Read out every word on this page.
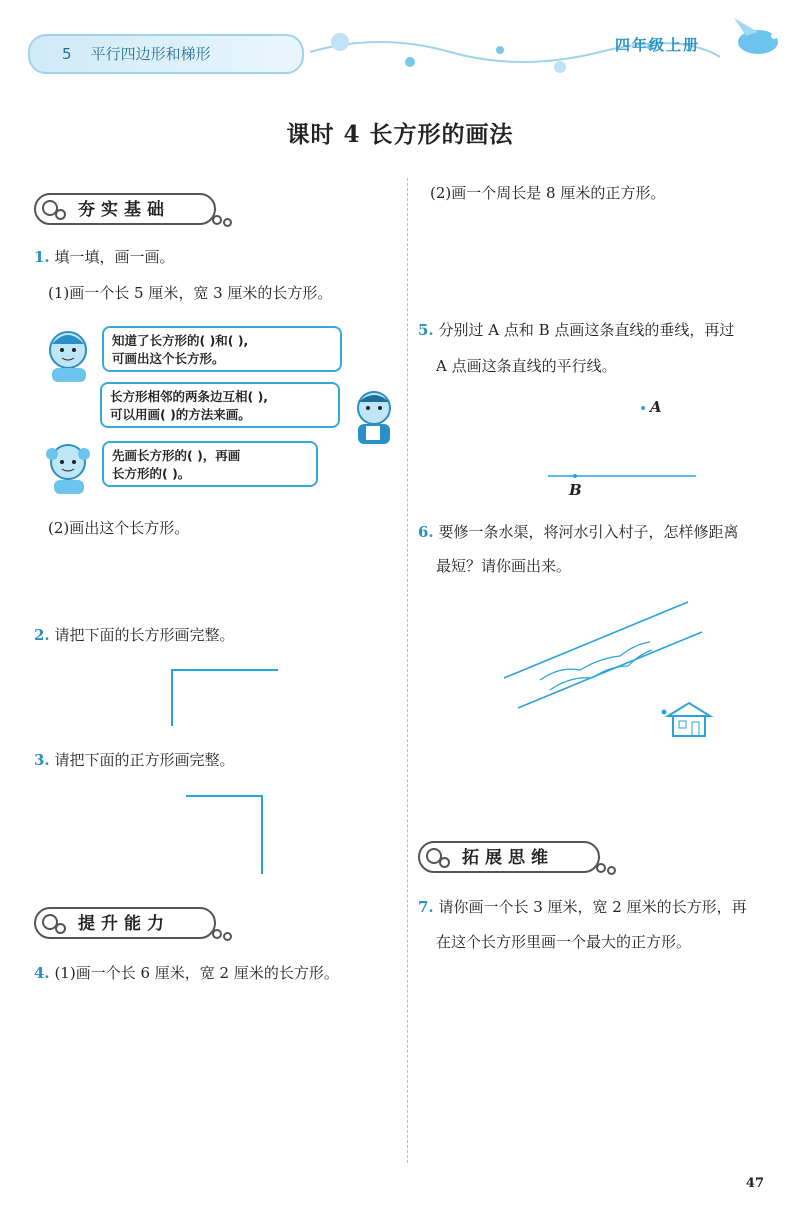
5 平行四边形和梯形	四年级上册
课时 4 长方形的画法
夯实基础
1. 填一填，画一画。
(1)画一个长 5 厘米，宽 3 厘米的长方形。
知道了长方形的( )和( ),
可画出这个长方形。
长方形相邻的两条边互相( ),
可以用画( )的方法来画。
先画长方形的( )，再画
长方形的( )。
(2)画出这个长方形。
2. 请把下面的长方形画完整。
3. 请把下面的正方形画完整。
提升能力
4. (1)画一个长 6 厘米，宽 2 厘米的长方形。
(2)画一个周长是 8 厘米的正方形。
5. 分别过 A 点和 B 点画这条直线的垂线，再过
A 点画这条直线的平行线。
A
B
6. 要修一条水渠，将河水引入村子，怎样修距离
最短？请你画出来。
拓展思维
7. 请你画一个长 3 厘米，宽 2 厘米的长方形，再
在这个长方形里画一个最大的正方形。
47
